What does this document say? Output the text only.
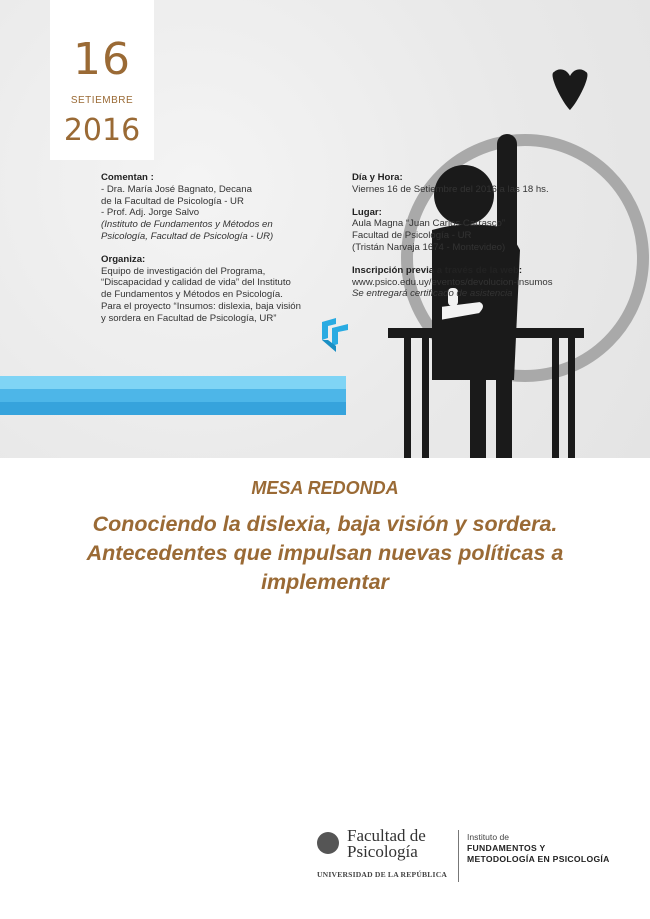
16
SETIEMBRE
2016
MESA REDONDA
Conociendo la dislexia, baja visión y sordera. Antecedentes que impulsan nuevas políticas a implementar
Comentan :
- Dra. María José Bagnato, Decana
de la Facultad de Psicología - UR
- Prof. Adj. Jorge Salvo
(Instituto de Fundamentos y Métodos en
Psicología, Facultad de Psicología - UR)
Organiza:
Equipo de investigación del Programa,
“Discapacidad y calidad de vida” del Instituto
de Fundamentos y Métodos en Psicología.
Para el proyecto “Insumos: dislexia, baja visión
y sordera en Facultad de Psicología, UR”
Día y Hora:
Viernes 16 de Setiembre del 2016 a las 18 hs.
Lugar:
Aula Magna “Juan Carlos Carrasco”
Facultad de Psicología - UR
(Tristán Narvaja 1674 - Montevideo)
Inscripción previa a través de la web:
www.psico.edu.uy/eventos/devolucion-insumos
Se entregará certificado de asistencia
Facultad de
Psicología
UNIVERSIDAD DE LA REPÚBLICA
Instituto de
FUNDAMENTOS Y
METODOLOGÍA EN PSICOLOGÍA
